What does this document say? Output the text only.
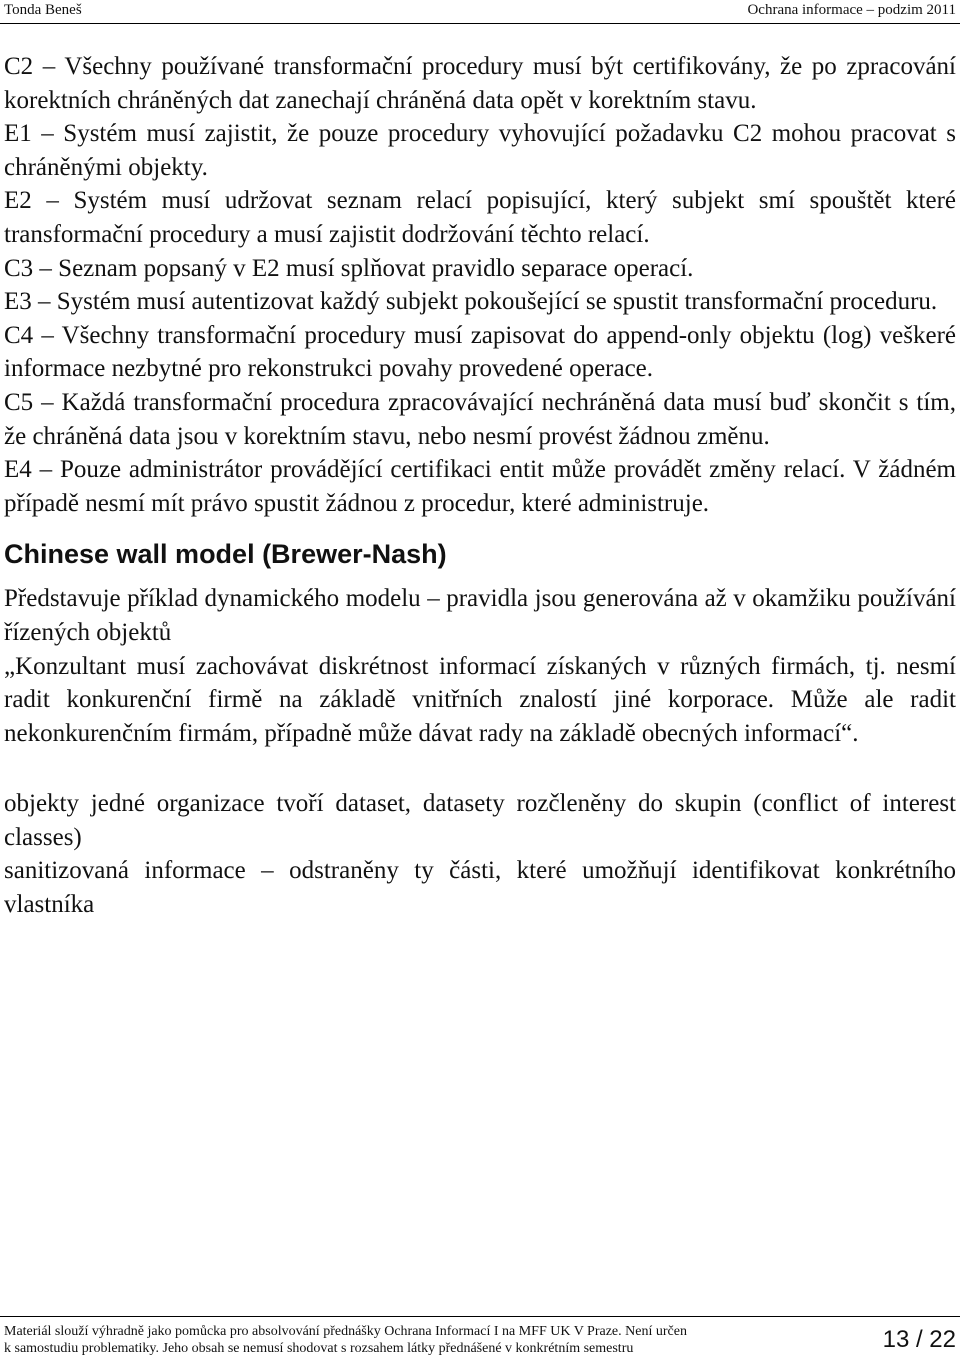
Tonda Beneš	Ochrana informace – podzim 2011

C2 – Všechny používané transformační procedury musí být certifikovány, že po zpracování korektních chráněných dat zanechají chráněná data opět v korektním stavu.

E1 – Systém musí zajistit, že pouze procedury vyhovující požadavku C2 mohou pracovat s chráněnými objekty.

E2 – Systém musí udržovat seznam relací popisující, který subjekt smí spouštět které transformační procedury a musí zajistit dodržování těchto relací.

C3 – Seznam popsaný v E2 musí splňovat pravidlo separace operací.

E3 – Systém musí autentizovat každý subjekt pokoušející se spustit transformační proceduru.

C4 – Všechny transformační procedury musí zapisovat do append-only objektu (log) veškeré informace nezbytné pro rekonstrukci povahy provedené operace.

C5 – Každá transformační procedura zpracovávající nechráněná data musí buď skončit s tím, že chráněná data jsou v korektním stavu, nebo nesmí provést žádnou změnu.

E4 – Pouze administrátor provádějící certifikaci entit může provádět změny relací. V žádném případě nesmí mít právo spustit žádnou z procedur, které administruje.

Chinese wall model (Brewer-Nash)

Představuje příklad dynamického modelu – pravidla jsou generována až v okamžiku používání řízených objektů

„Konzultant musí zachovávat diskrétnost informací získaných v různých firmách, tj. nesmí radit konkurenční firmě na základě vnitřních znalostí jiné korporace. Může ale radit nekonkurenčním firmám, případně může dávat rady na základě obecných informací“.

objekty jedné organizace tvoří dataset, datasety rozčleněny do skupin (conflict of interest classes)

sanitizovaná informace – odstraněny ty části, které umožňují identifikovat konkrétního vlastníka

Materiál slouží výhradně jako pomůcka pro absolvování přednášky Ochrana Informací I na MFF UK V Praze. Není určen
k samostudiu problematiky. Jeho obsah se nemusí shodovat s rozsahem látky přednášené v konkrétním semestru	13 / 22
